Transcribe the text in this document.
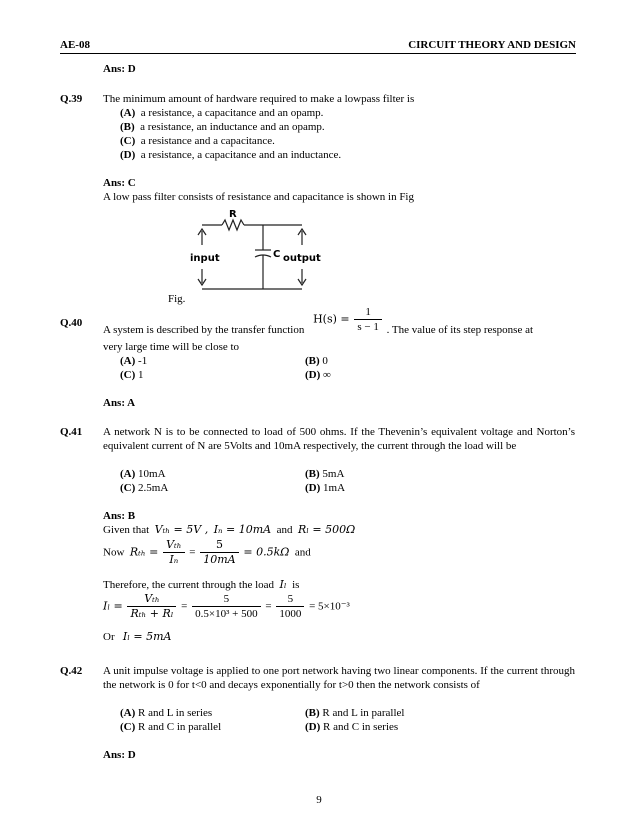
AE-08	CIRCUIT THEORY AND DESIGN
Ans: D
Q.39 The minimum amount of hardware required to make a lowpass filter is
(A) a resistance, a capacitance and an opamp.
(B) a resistance, an inductance and an opamp.
(C) a resistance and a capacitance.
(D)  a resistance, a capacitance and an inductance.
Ans: C
A low pass filter consists of resistance and capacitance is shown in Fig
R
input	C output
Fig.
Q.40
A system is described by the transfer function $H(s) = \frac{1}{s - 1}$ . The value of its step response at
very large time will be close to
(A) -1	(B) 0
(C) 1	(D) ∞
Ans: A
Q.41 A network N is to be connected to load of 500 ohms. If the Thevenin’s equivalent voltage and Norton’s equivalent current of N are 5Volts and 10mA respectively, the current through the load will be
(A) 10mA	(B) 5mA
(C) 2.5mA	(D) 1mA
Ans: B
Given that Vₜₕ = 5V , Iₙ = 10mA and Rₗ = 500Ω
Now $R_{th} = \frac{\text{Vₜₕ}}{\text{Iₙ}} = \frac{5}{10mA} = 0.5k\Omega$ and
Therefore, the current through the load Iₗ is
$I_l = \frac{\text{Vₜₕ}}{\text{Rₜₕ + Rₗ}} = \frac{5}{\text{0.5×10³ + 500}} = \frac{5}{1000} = 5\times 10^{-3}$
Or Iₗ = 5mA
Q.42 A unit impulse voltage is applied to one port network having two linear components. If the current through the network is 0 for t<0 and decays exponentially for t>0 then the network consists of
(A) R and L in series	(B) R and L in parallel
(C) R and C in parallel	(D) R and C in series
Ans: D
9
